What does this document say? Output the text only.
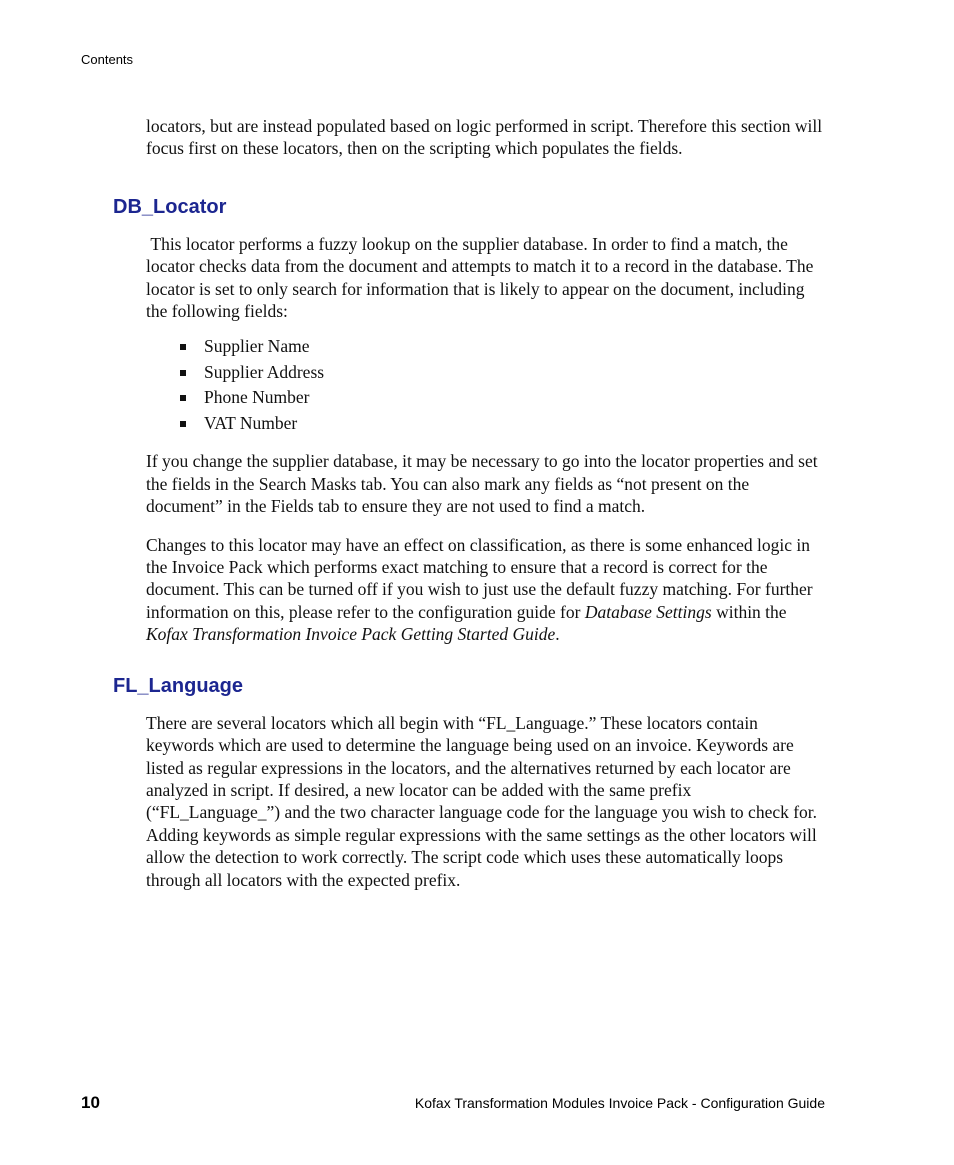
Contents

locators, but are instead populated based on logic performed in script. Therefore this section will focus first on these locators, then on the scripting which populates the fields.

DB_Locator

This locator performs a fuzzy lookup on the supplier database. In order to find a match, the locator checks data from the document and attempts to match it to a record in the database. The locator is set to only search for information that is likely to appear on the document, including the following fields:

Supplier Name
Supplier Address
Phone Number
VAT Number

If you change the supplier database, it may be necessary to go into the locator properties and set the fields in the Search Masks tab. You can also mark any fields as “not present on the document” in the Fields tab to ensure they are not used to find a match.

Changes to this locator may have an effect on classification, as there is some enhanced logic in the Invoice Pack which performs exact matching to ensure that a record is correct for the document. This can be turned off if you wish to just use the default fuzzy matching. For further information on this, please refer to the configuration guide for Database Settings within the Kofax Transformation Invoice Pack Getting Started Guide.

FL_Language

There are several locators which all begin with “FL_Language.” These locators contain keywords which are used to determine the language being used on an invoice. Keywords are listed as regular expressions in the locators, and the alternatives returned by each locator are analyzed in script. If desired, a new locator can be added with the same prefix (“FL_Language_”) and the two character language code for the language you wish to check for. Adding keywords as simple regular expressions with the same settings as the other locators will allow the detection to work correctly. The script code which uses these automatically loops through all locators with the expected prefix.

10	Kofax Transformation Modules Invoice Pack - Configuration Guide
